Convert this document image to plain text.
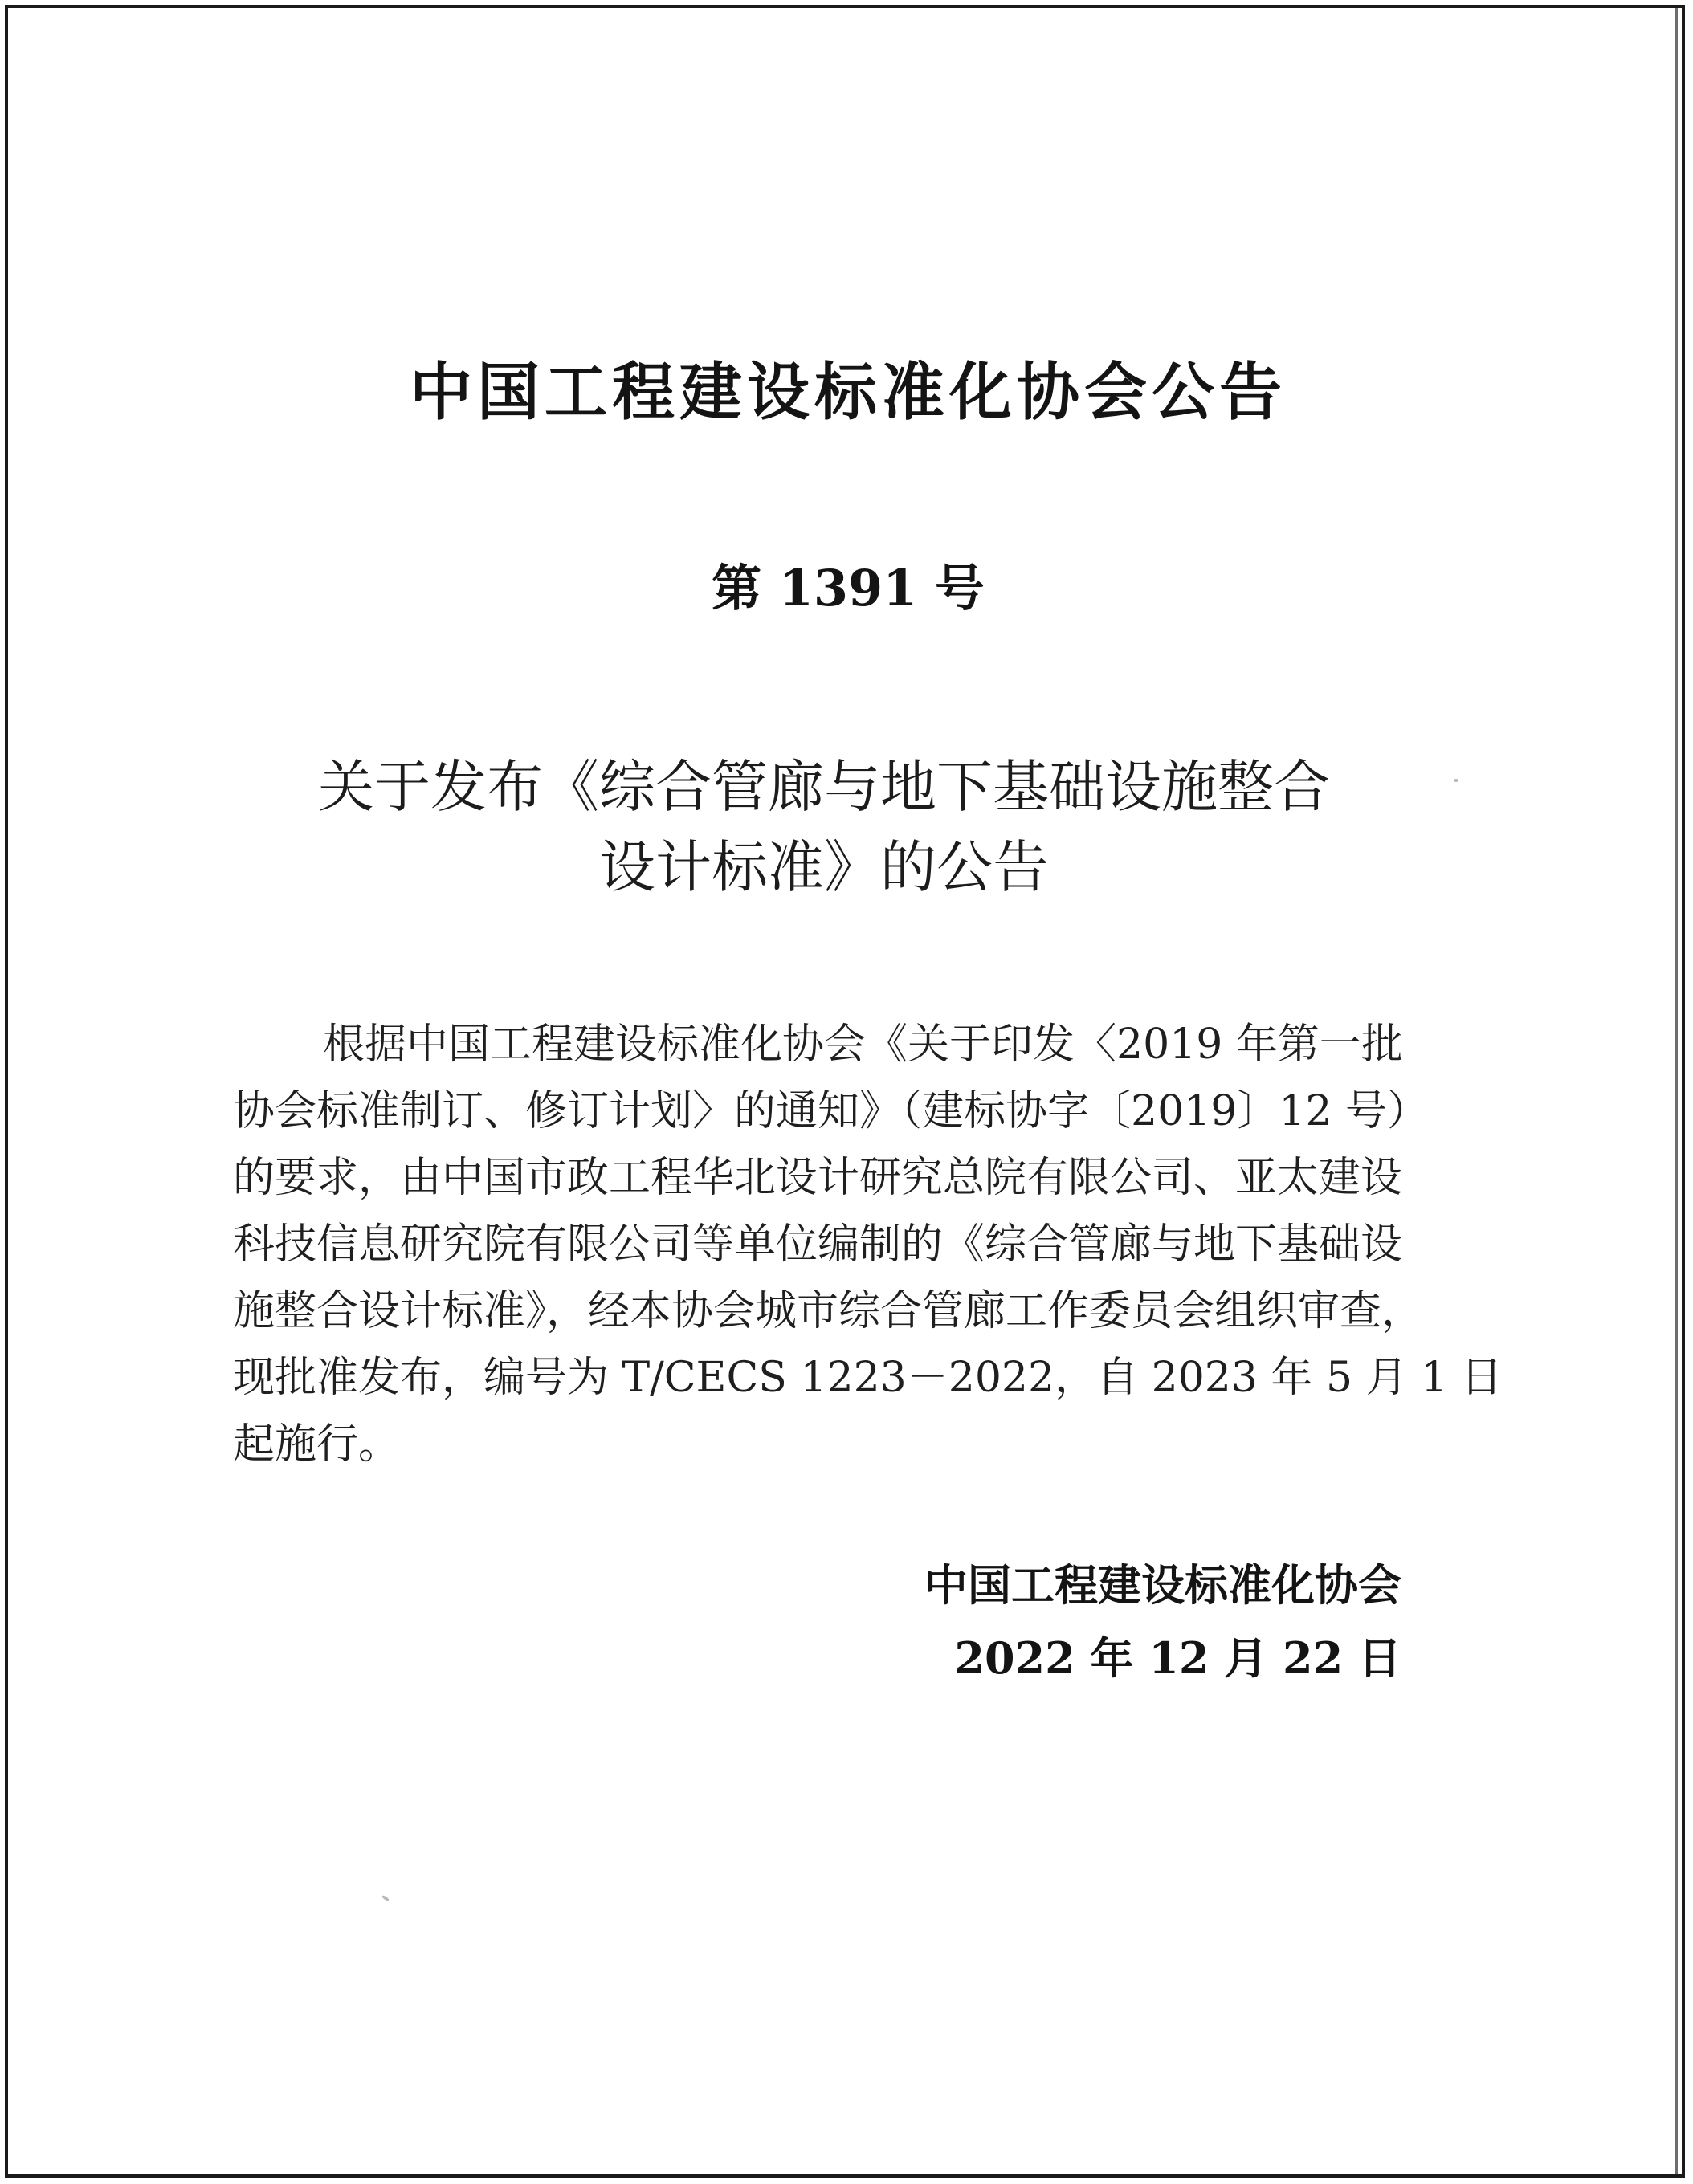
中国工程建设标准化协会公告
第 1391 号
关于发布《综合管廊与地下基础设施整合
设计标准》的公告
根据中国工程建设标准化协会《关于印发〈2019 年第一批
协会标准制订、修订计划〉的通知》（建标协字〔2019〕12 号）
的要求，由中国市政工程华北设计研究总院有限公司、亚太建设
科技信息研究院有限公司等单位编制的《综合管廊与地下基础设
施整合设计标准》，经本协会城市综合管廊工作委员会组织审查，
现批准发布，编号为 T/CECS 1223－2022，自 2023 年 5 月 1 日
起施行。
中国工程建设标准化协会
2022 年 12 月 22 日
